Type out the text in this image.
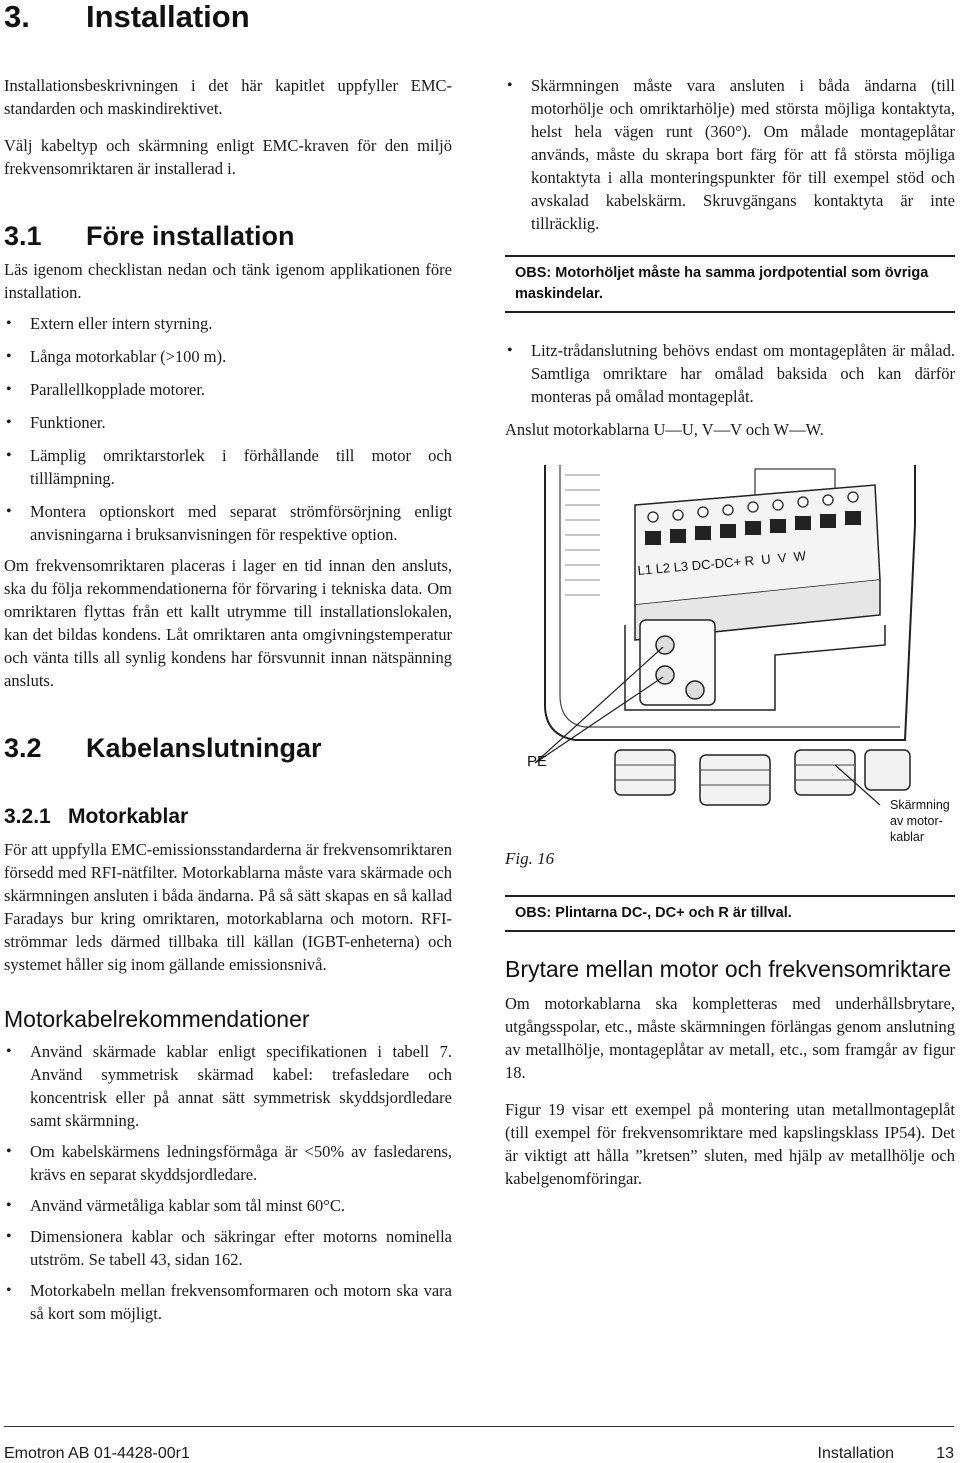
3. Installation

Installationsbeskrivningen i det här kapitlet uppfyller EMC-standarden och maskindirektivet.

Välj kabeltyp och skärmning enligt EMC-kraven för den miljö frekvensomriktaren är installerad i.

3.1 Före installation

Läs igenom checklistan nedan och tänk igenom applikationen före installation.

• Extern eller intern styrning.
• Långa motorkablar (>100 m).
• Parallellkopplade motorer.
• Funktioner.
• Lämplig omriktarstorlek i förhållande till motor och tilllämpning.
• Montera optionskort med separat strömförsörjning enligt anvisningarna i bruksanvisningen för respektive option.

Om frekvensomriktaren placeras i lager en tid innan den ansluts, ska du följa rekommendationerna för förvaring i tekniska data. Om omriktaren flyttas från ett kallt utrymme till installationslokalen, kan det bildas kondens. Låt omriktaren anta omgivningstemperatur och vänta tills all synlig kondens har försvunnit innan nätspänning ansluts.

3.2 Kabelanslutningar
3.2.1 Motorkablar

För att uppfylla EMC-emissionsstandarderna är frekvensomriktaren försedd med RFI-nätfilter. Motorkablarna måste vara skärmade och skärmningen ansluten i båda ändarna. På så sätt skapas en så kallad Faradays bur kring omriktaren, motorkablarna och motorn. RFI-strömmar leds därmed tillbaka till källan (IGBT-enheterna) och systemet håller sig inom gällande emissionsnivå.

Motorkabelrekommendationer
• Använd skärmade kablar enligt specifikationen i tabell 7. Använd symmetrisk skärmad kabel: trefasledare och koncentrisk eller på annat sätt symmetrisk skyddsjordledare samt skärmning.
• Om kabelskärmens ledningsförmåga är <50% av fasledarens, krävs en separat skyddsjordledare.
• Använd värmetåliga kablar som tål minst 60°C.
• Dimensionera kablar och säkringar efter motorns nominella utström. Se tabell 43, sidan 162.
• Motorkabeln mellan frekvensomformaren och motorn ska vara så kort som möjligt.
• Skärmningen måste vara ansluten i båda ändarna (till motorhölje och omriktarhölje) med största möjliga kontaktyta, helst hela vägen runt (360°). Om målade montageplåtar används, måste du skrapa bort färg för att få största möjliga kontaktyta i alla monteringspunkter för till exempel stöd och avskalad kabelskärm. Skruvgängans kontaktyta är inte tillräcklig.
OBS: Motorhöljet måste ha samma jordpotential som övriga maskindelar.
• Litz-trådanslutning behövs endast om montageplåten är målad. Samtliga omriktare har omålad baksida och kan därför monteras på omålad montageplåt.

Anslut motorkablarna U—U, V—V och W—W.

L1 L2 L3 DC-DC+ R U V W
PE
Skärmning
av motor-
kablar
Fig. 16
OBS: Plintarna DC-, DC+ och R är tillval.
Brytare mellan motor och frekvensomriktare

Om motorkablarna ska kompletteras med underhållsbrytare, utgångsspolar, etc., måste skärmningen förlängas genom anslutning av metallhölje, montageplåtar av metall, etc., som framgår av figur 18.

Figur 19 visar ett exempel på montering utan metallmontageplåt (till exempel för frekvensomriktare med kapslingsklass IP54). Det är viktigt att hålla ”kretsen” sluten, med hjälp av metallhölje och kabelgenomföringar.

Emotron AB 01-4428-00r1	Installation	13
